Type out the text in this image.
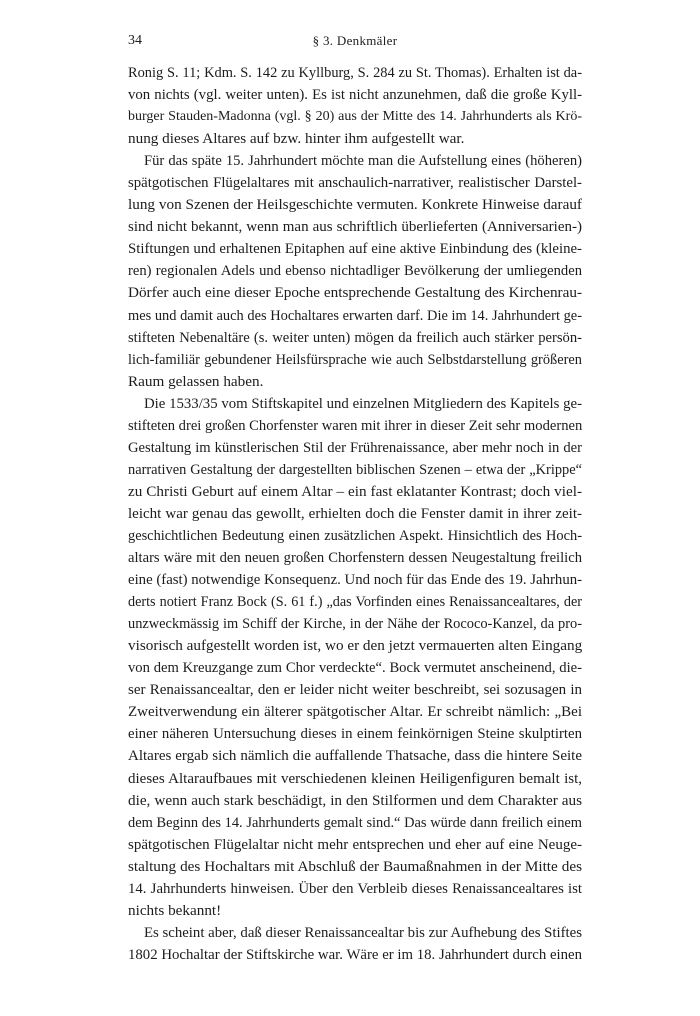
34	§ 3. Denkmäler
Ronig S. 11; Kdm. S. 142 zu Kyllburg, S. 284 zu St. Thomas). Erhalten ist da-
von nichts (vgl. weiter unten). Es ist nicht anzunehmen, daß die große Kyll-
burger Stauden-Madonna (vgl. § 20) aus der Mitte des 14. Jahrhunderts als Krö-
nung dieses Altares auf bzw. hinter ihm aufgestellt war.
Für das späte 15. Jahrhundert möchte man die Aufstellung eines (höheren)
spätgotischen Flügelaltares mit anschaulich-narrativer, realistischer Darstel-
lung von Szenen der Heilsgeschichte vermuten. Konkrete Hinweise darauf
sind nicht bekannt, wenn man aus schriftlich überlieferten (Anniversarien-)
Stiftungen und erhaltenen Epitaphen auf eine aktive Einbindung des (kleine-
ren) regionalen Adels und ebenso nichtadliger Bevölkerung der umliegenden
Dörfer auch eine dieser Epoche entsprechende Gestaltung des Kirchenrau-
mes und damit auch des Hochaltares erwarten darf. Die im 14. Jahrhundert ge-
stifteten Nebenaltäre (s. weiter unten) mögen da freilich auch stärker persön-
lich-familiär gebundener Heilsfürsprache wie auch Selbstdarstellung größeren
Raum gelassen haben.
Die 1533/35 vom Stiftskapitel und einzelnen Mitgliedern des Kapitels ge-
stifteten drei großen Chorfenster waren mit ihrer in dieser Zeit sehr modernen
Gestaltung im künstlerischen Stil der Frührenaissance, aber mehr noch in der
narrativen Gestaltung der dargestellten biblischen Szenen – etwa der „Krippe“
zu Christi Geburt auf einem Altar – ein fast eklatanter Kontrast; doch viel-
leicht war genau das gewollt, erhielten doch die Fenster damit in ihrer zeit-
geschichtlichen Bedeutung einen zusätzlichen Aspekt. Hinsichtlich des Hoch-
altars wäre mit den neuen großen Chorfenstern dessen Neugestaltung freilich
eine (fast) notwendige Konsequenz. Und noch für das Ende des 19. Jahrhun-
derts notiert Franz Bock (S. 61 f.) „das Vorfinden eines Renaissancealtares, der
unzweckmässig im Schiff der Kirche, in der Nähe der Rococo-Kanzel, da pro-
visorisch aufgestellt worden ist, wo er den jetzt vermauerten alten Eingang
von dem Kreuzgange zum Chor verdeckte“. Bock vermutet anscheinend, die-
ser Renaissancealtar, den er leider nicht weiter beschreibt, sei sozusagen in
Zweitverwendung ein älterer spätgotischer Altar. Er schreibt nämlich: „Bei
einer näheren Untersuchung dieses in einem feinkörnigen Steine skulptirten
Altares ergab sich nämlich die auffallende Thatsache, dass die hintere Seite
dieses Altaraufbaues mit verschiedenen kleinen Heiligenfiguren bemalt ist,
die, wenn auch stark beschädigt, in den Stilformen und dem Charakter aus
dem Beginn des 14. Jahrhunderts gemalt sind.“ Das würde dann freilich einem
spätgotischen Flügelaltar nicht mehr entsprechen und eher auf eine Neuge-
staltung des Hochaltars mit Abschluß der Baumaßnahmen in der Mitte des
14. Jahrhunderts hinweisen. Über den Verbleib dieses Renaissancealtares ist
nichts bekannt!
Es scheint aber, daß dieser Renaissancealtar bis zur Aufhebung des Stiftes
1802 Hochaltar der Stiftskirche war. Wäre er im 18. Jahrhundert durch einen
